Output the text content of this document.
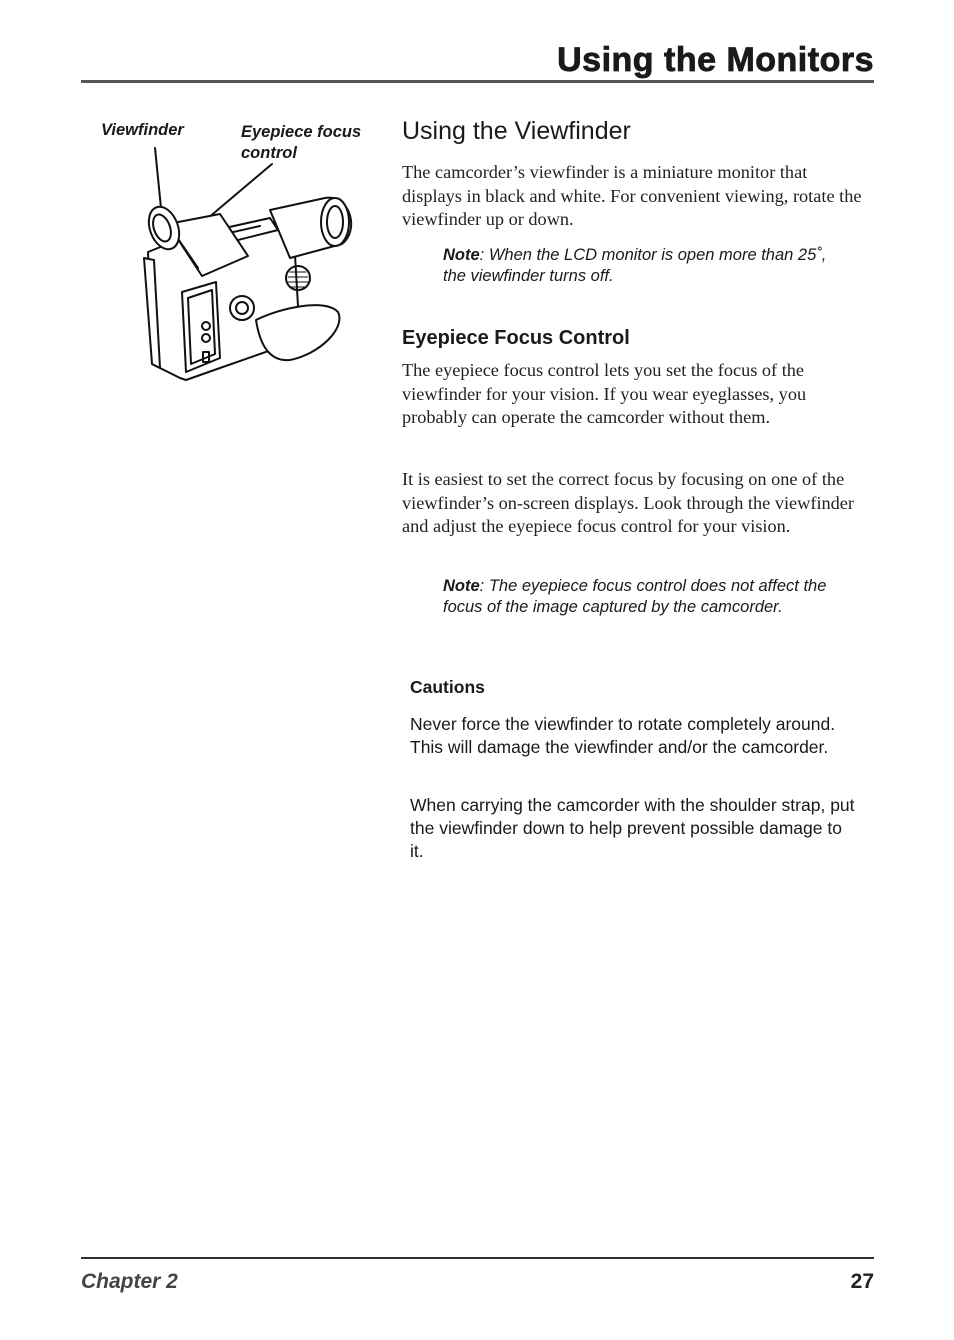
Using the Monitors
Viewfinder	Eyepiece focus control
Using the Viewfinder

The camcorder’s viewfinder is a miniature monitor that displays in black and white. For convenient viewing, rotate the viewfinder up or down.

Note: When the LCD monitor is open more than 25˚, the viewfinder turns off.

Eyepiece Focus Control

The eyepiece focus control lets you set the focus of the viewfinder for your vision. If you wear eyeglasses, you probably can operate the camcorder without them.

It is easiest to set the correct focus by focusing on one of the viewfinder’s on-screen displays. Look through the viewfinder and adjust the eyepiece focus control for your vision.

Note: The eyepiece focus control does not affect the focus of the image captured by the camcorder.

Cautions

Never force the viewfinder to rotate completely around. This will damage the viewfinder and/or the camcorder.

When carrying the camcorder with the shoulder strap, put the viewfinder down to help prevent possible damage to it.

Chapter 2	27
